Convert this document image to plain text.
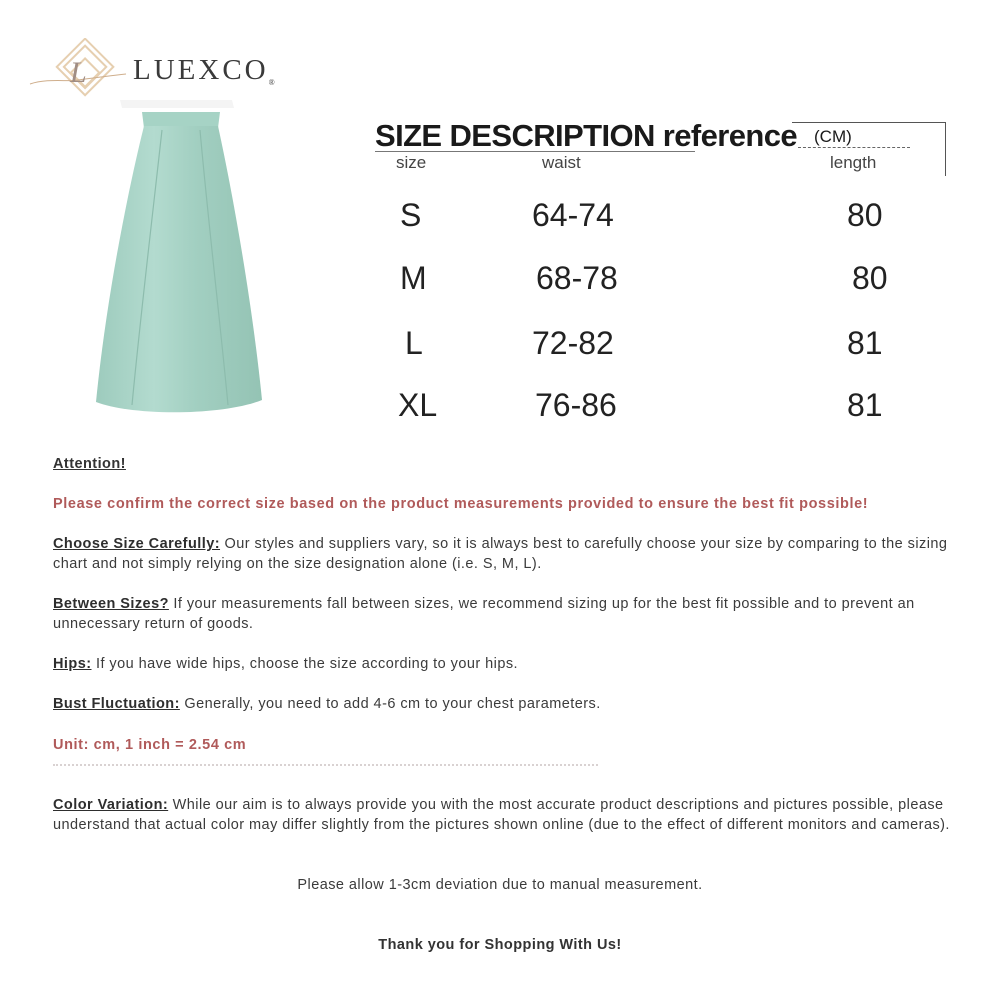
L LUEXCO®
SIZE DESCRIPTION reference (CM)
size	waist	length
S	64-74	80
M	68-78	80
L	72-82	81
XL	76-86	81
Attention!
Please confirm the correct size based on the product measurements provided to ensure the best fit possible!
Choose Size Carefully: Our styles and suppliers vary, so it is always best to carefully choose your size by comparing to the sizing chart and not simply relying on the size designation alone (i.e. S, M, L).
Between Sizes? If your measurements fall between sizes, we recommend sizing up for the best fit possible and to prevent an unnecessary return of goods.
Hips: If you have wide hips, choose the size according to your hips.
Bust Fluctuation: Generally, you need to add 4-6 cm to your chest parameters.
Unit: cm, 1 inch = 2.54 cm
Color Variation: While our aim is to always provide you with the most accurate product descriptions and pictures possible, please understand that actual color may differ slightly from the pictures shown online (due to the effect of different monitors and cameras).
Please allow 1-3cm deviation due to manual measurement.
Thank you for Shopping With Us!
